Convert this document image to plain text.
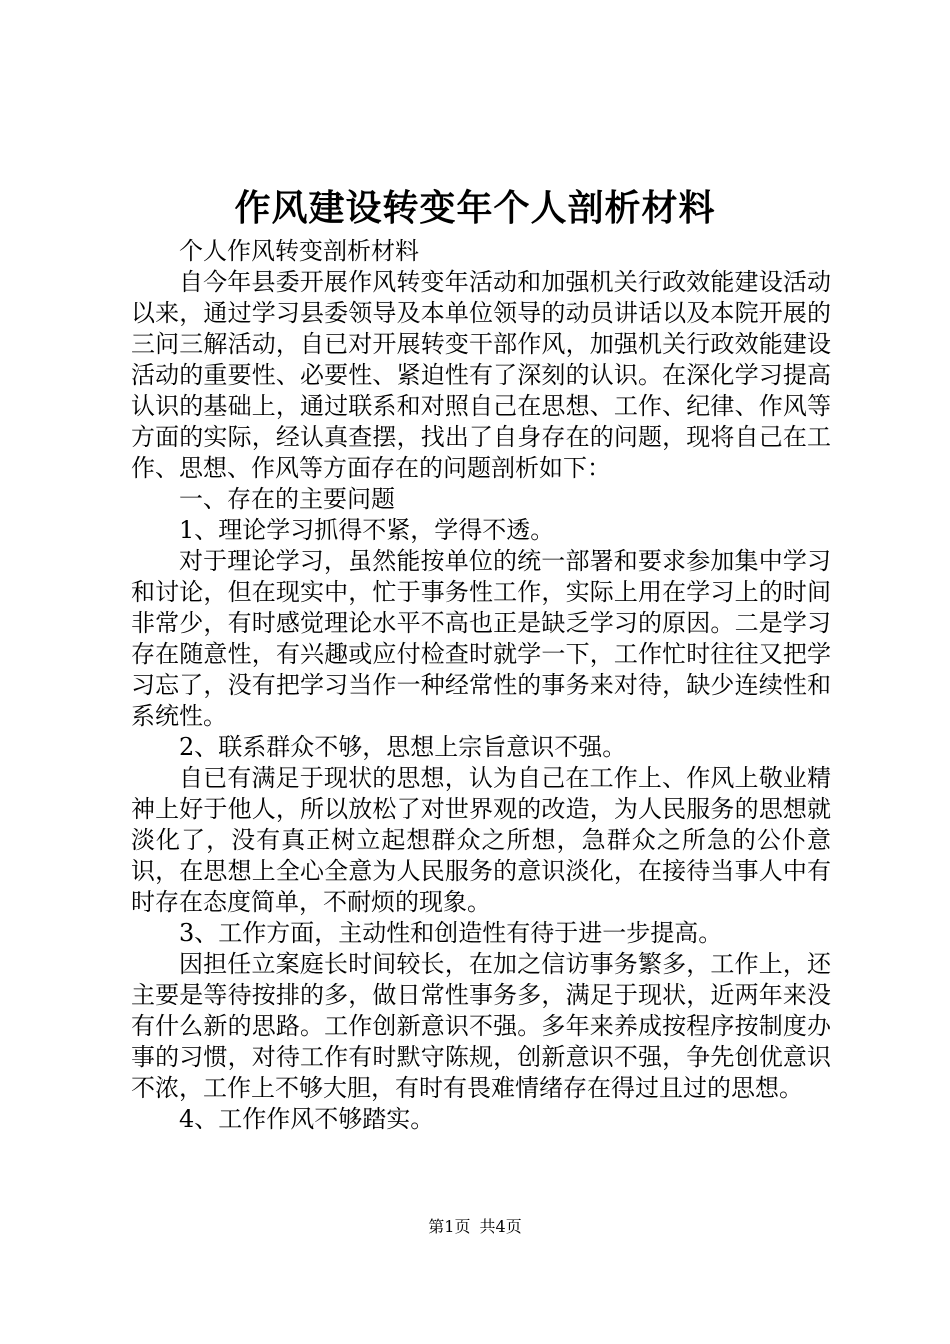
作风建设转变年个人剖析材料

个人作风转变剖析材料

自今年县委开展作风转变年活动和加强机关行政效能建设活动以来，通过学习县委领导及本单位领导的动员讲话以及本院开展的三问三解活动，自已对开展转变干部作风，加强机关行政效能建设活动的重要性、必要性、紧迫性有了深刻的认识。在深化学习提高认识的基础上，通过联系和对照自己在思想、工作、纪律、作风等方面的实际，经认真查摆，找出了自身存在的问题，现将自己在工作、思想、作风等方面存在的问题剖析如下：

一、存在的主要问题

1、理论学习抓得不紧，学得不透。

对于理论学习，虽然能按单位的统一部署和要求参加集中学习和讨论，但在现实中，忙于事务性工作，实际上用在学习上的时间非常少，有时感觉理论水平不高也正是缺乏学习的原因。二是学习存在随意性，有兴趣或应付检查时就学一下，工作忙时往往又把学习忘了，没有把学习当作一种经常性的事务来对待，缺少连续性和系统性。

2、联系群众不够，思想上宗旨意识不强。

自已有满足于现状的思想，认为自己在工作上、作风上敬业精神上好于他人，所以放松了对世界观的改造，为人民服务的思想就淡化了，没有真正树立起想群众之所想，急群众之所急的公仆意识，在思想上全心全意为人民服务的意识淡化，在接待当事人中有时存在态度简单，不耐烦的现象。

3、工作方面，主动性和创造性有待于进一步提高。

因担任立案庭长时间较长，在加之信访事务繁多，工作上，还主要是等待按排的多，做日常性事务多，满足于现状，近两年来没有什么新的思路。工作创新意识不强。多年来养成按程序按制度办事的习惯，对待工作有时默守陈规，创新意识不强，争先创优意识不浓，工作上不够大胆，有时有畏难情绪存在得过且过的思想。

4、工作作风不够踏实。

第1页 共4页
